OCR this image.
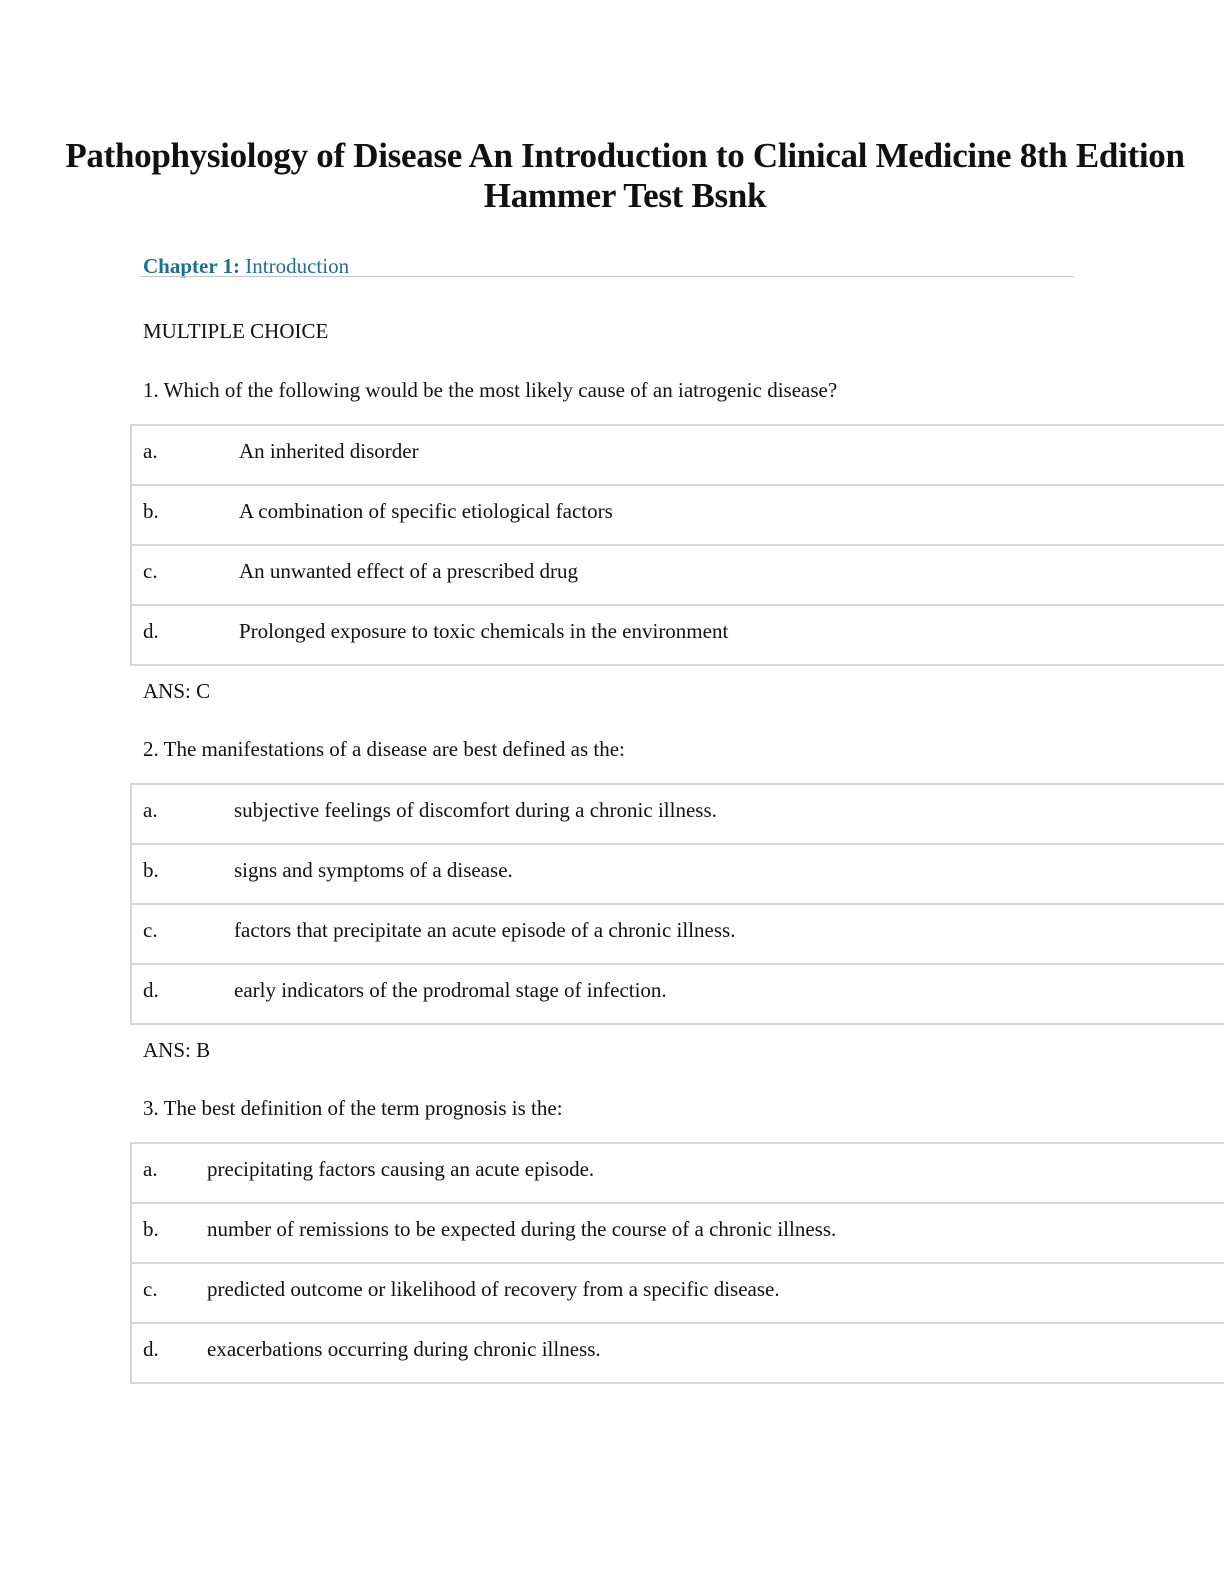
Pathophysiology of Disease An Introduction to Clinical Medicine 8th Edition
Hammer Test Bsnk
Chapter 1: Introduction
MULTIPLE CHOICE
1. Which of the following would be the most likely cause of an iatrogenic disease?
a.	An inherited disorder
b.	A combination of specific etiological factors
c.	An unwanted effect of a prescribed drug
d.	Prolonged exposure to toxic chemicals in the environment
ANS: C
2. The manifestations of a disease are best defined as the:
a.	subjective feelings of discomfort during a chronic illness.
b.	signs and symptoms of a disease.
c.	factors that precipitate an acute episode of a chronic illness.
d.	early indicators of the prodromal stage of infection.
ANS: B
3. The best definition of the term prognosis is the:
a. precipitating factors causing an acute episode.
b. number of remissions to be expected during the course of a chronic illness.
c. predicted outcome or likelihood of recovery from a specific disease.
d. exacerbations occurring during chronic illness.
